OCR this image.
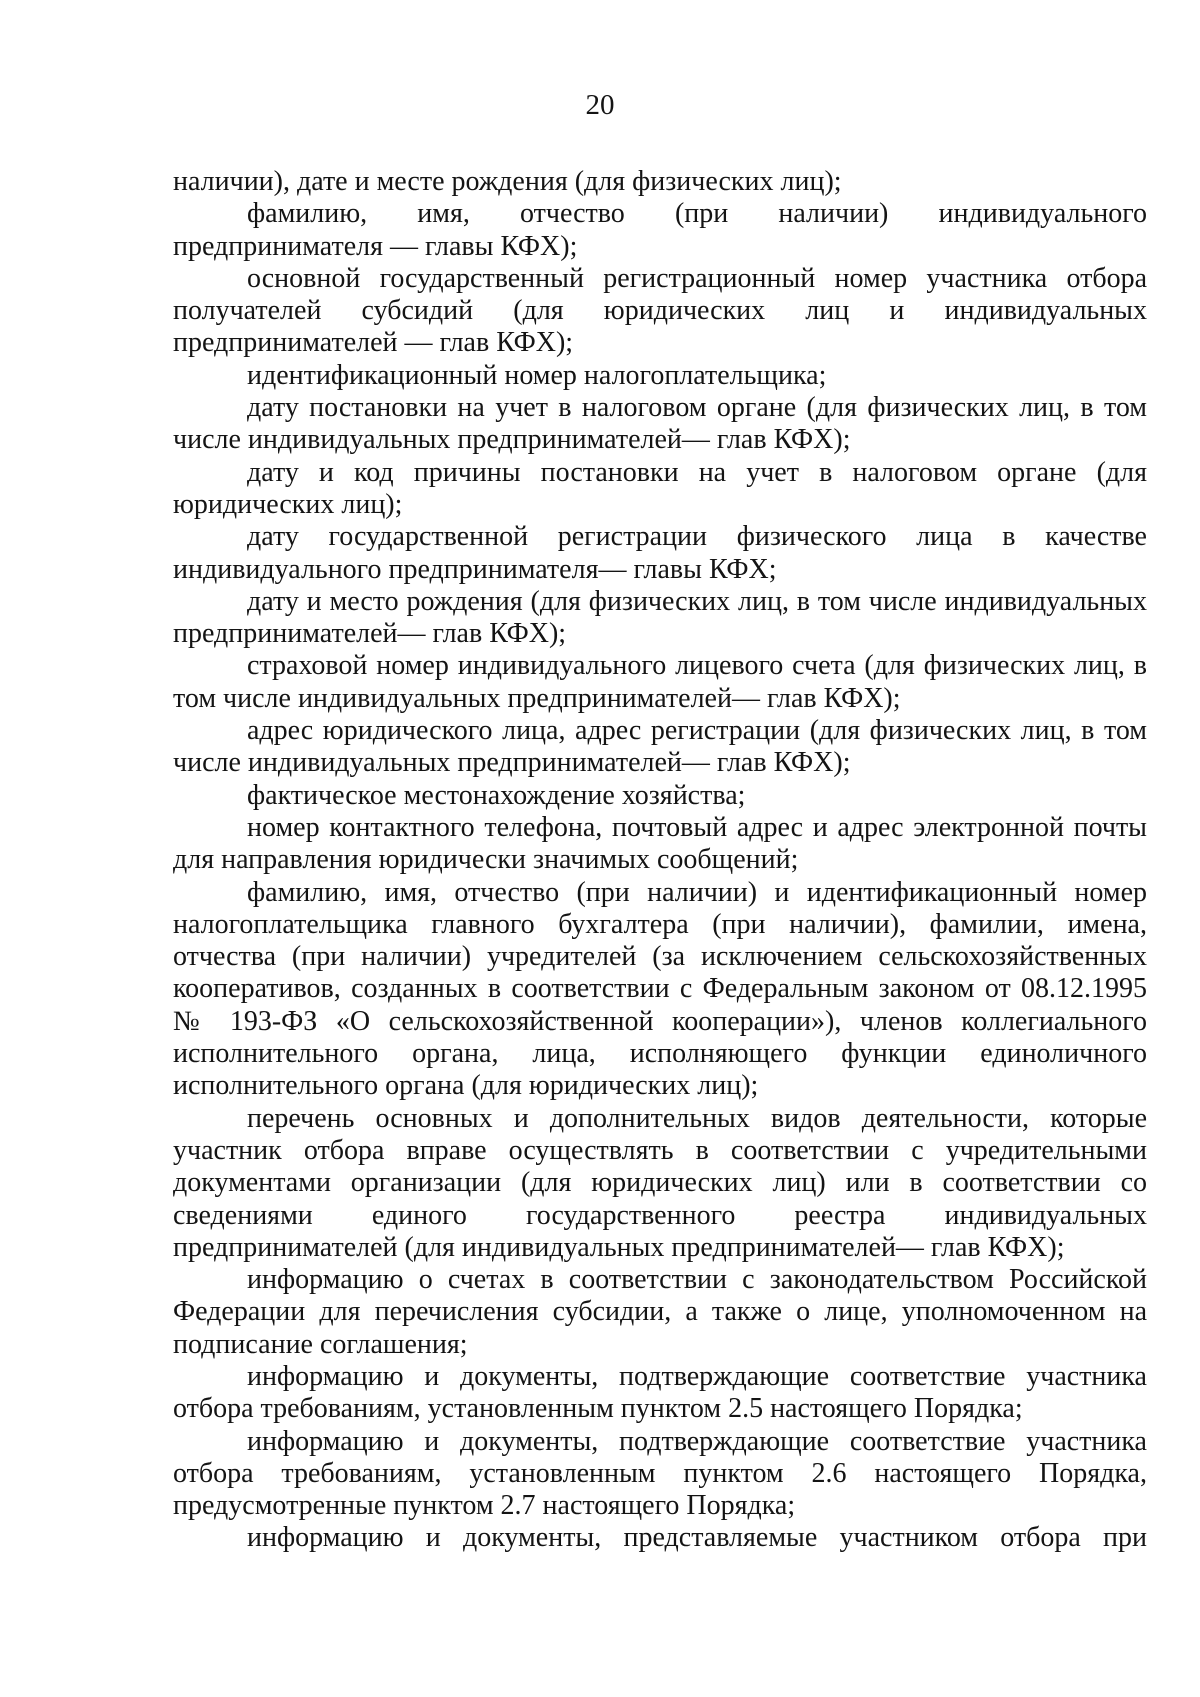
20

наличии), дате и месте рождения (для физических лиц);

фамилию, имя, отчество (при наличии) индивидуального предпринимателя — главы КФХ);

основной государственный регистрационный номер участника отбора получателей субсидий (для юридических лиц и индивидуальных предпринимателей — глав КФХ);

идентификационный номер налогоплательщика;

дату постановки на учет в налоговом органе (для физических лиц, в том числе индивидуальных предпринимателей— глав КФХ);

дату и код причины постановки на учет в налоговом органе (для юридических лиц);

дату государственной регистрации физического лица в качестве индивидуального предпринимателя— главы КФХ;

дату и место рождения (для физических лиц, в том числе индивидуальных предпринимателей— глав КФХ);

страховой номер индивидуального лицевого счета (для физических лиц, в том числе индивидуальных предпринимателей— глав КФХ);

адрес юридического лица, адрес регистрации (для физических лиц, в том числе индивидуальных предпринимателей— глав КФХ);

фактическое местонахождение хозяйства;

номер контактного телефона, почтовый адрес и адрес электронной почты для направления юридически значимых сообщений;

фамилию, имя, отчество (при наличии) и идентификационный номер налогоплательщика главного бухгалтера (при наличии), фамилии, имена, отчества (при наличии) учредителей (за исключением сельскохозяйственных кооперативов, созданных в соответствии с Федеральным законом от 08.12.1995 № 193-ФЗ «О сельскохозяйственной кооперации»), членов коллегиального исполнительного органа, лица, исполняющего функции единоличного исполнительного органа (для юридических лиц);

перечень основных и дополнительных видов деятельности, которые участник отбора вправе осуществлять в соответствии с учредительными документами организации (для юридических лиц) или в соответствии со сведениями единого государственного реестра индивидуальных предпринимателей (для индивидуальных предпринимателей— глав КФХ);

информацию о счетах в соответствии с законодательством Российской Федерации для перечисления субсидии, а также о лице, уполномоченном на подписание соглашения;

информацию и документы, подтверждающие соответствие участника отбора требованиям, установленным пунктом 2.5 настоящего Порядка;

информацию и документы, подтверждающие соответствие участника отбора требованиям, установленным пунктом 2.6 настоящего Порядка, предусмотренные пунктом 2.7 настоящего Порядка;

информацию и документы, представляемые участником отбора при
